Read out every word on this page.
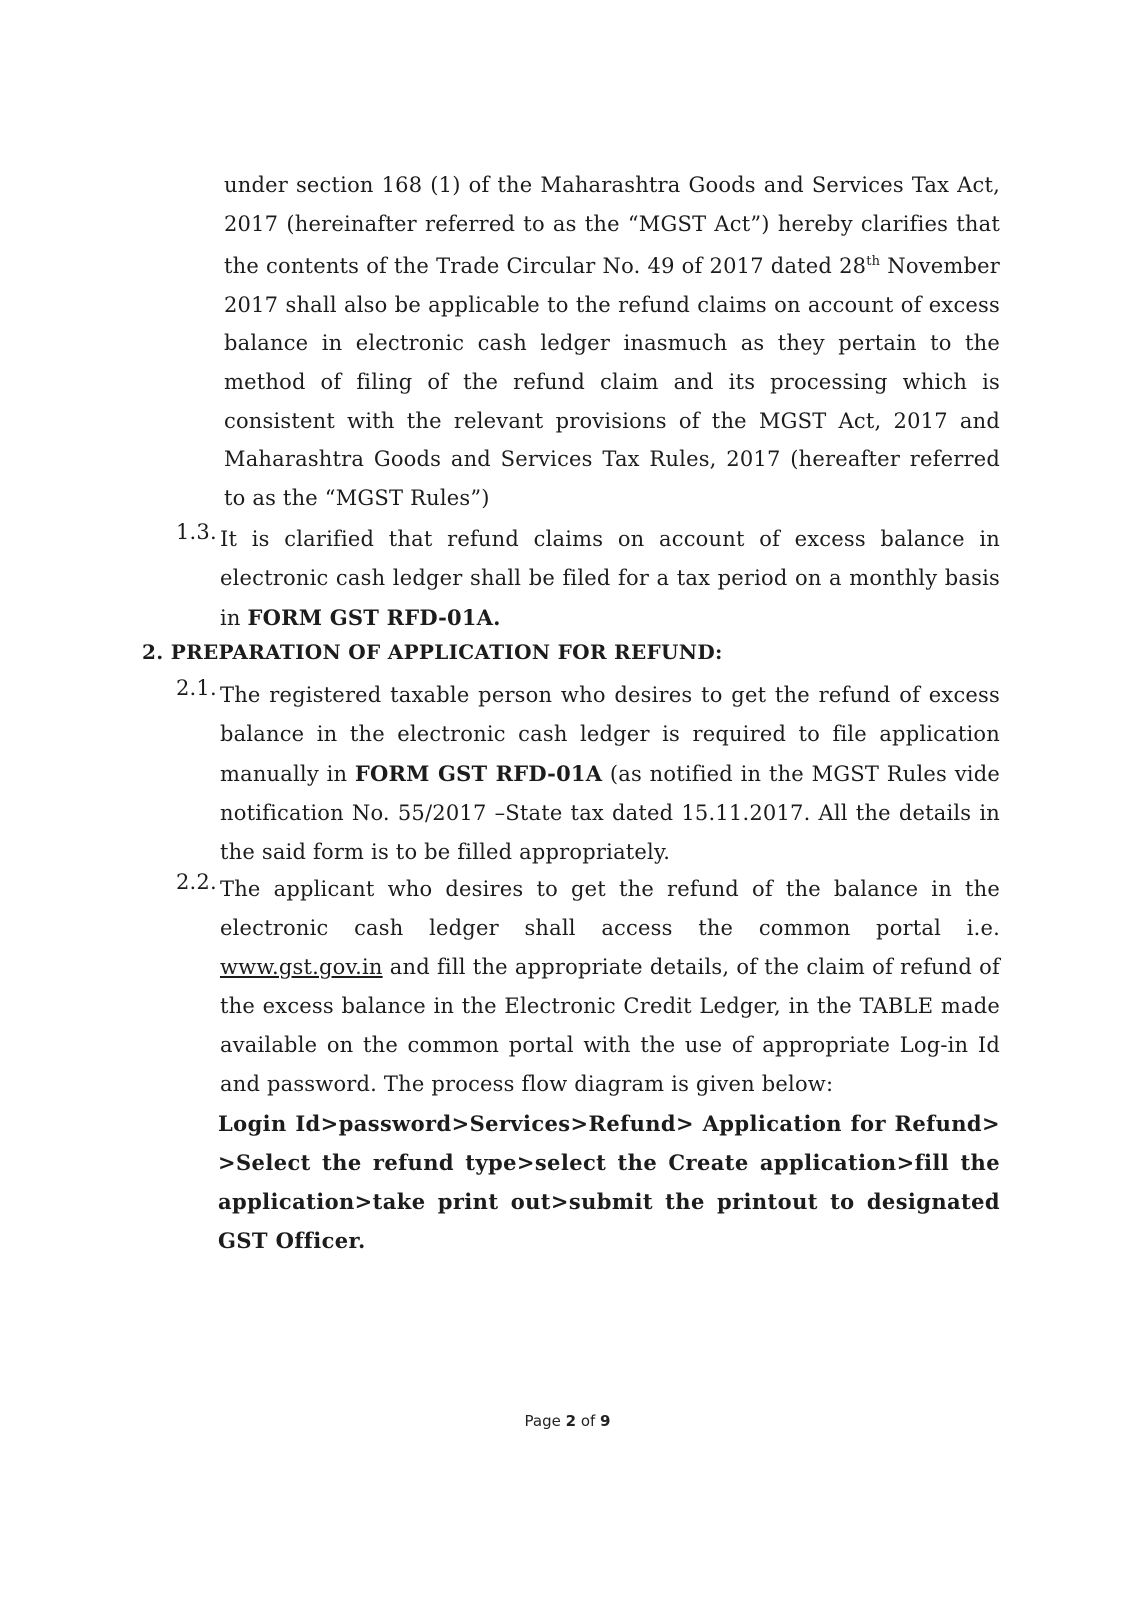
under section 168 (1) of the Maharashtra Goods and Services Tax Act, 2017 (hereinafter referred to as the “MGST Act”) hereby clarifies that the contents of the Trade Circular No. 49 of 2017 dated 28th November 2017 shall also be applicable to the refund claims on account of excess balance in electronic cash ledger inasmuch as they pertain to the method of filing of the refund claim and its processing which is consistent with the relevant provisions of the MGST Act, 2017 and Maharashtra Goods and Services Tax Rules, 2017 (hereafter referred to as the “MGST Rules”)
1.3. It is clarified that refund claims on account of excess balance in electronic cash ledger shall be filed for a tax period on a monthly basis in FORM GST RFD-01A.
2. PREPARATION OF APPLICATION FOR REFUND:
2.1. The registered taxable person who desires to get the refund of excess balance in the electronic cash ledger is required to file application manually in FORM GST RFD-01A (as notified in the MGST Rules vide notification No. 55/2017 –State tax dated 15.11.2017. All the details in the said form is to be filled appropriately.
2.2. The applicant who desires to get the refund of the balance in the electronic cash ledger shall access the common portal i.e. www.gst.gov.in and fill the appropriate details, of the claim of refund of the excess balance in the Electronic Credit Ledger, in the TABLE made available on the common portal with the use of appropriate Log-in Id and password. The process flow diagram is given below:
Login Id>password>Services>Refund> Application for Refund> >Select the refund type>select the Create application>fill the application>take print out>submit the printout to designated GST Officer.
Page 2 of 9
